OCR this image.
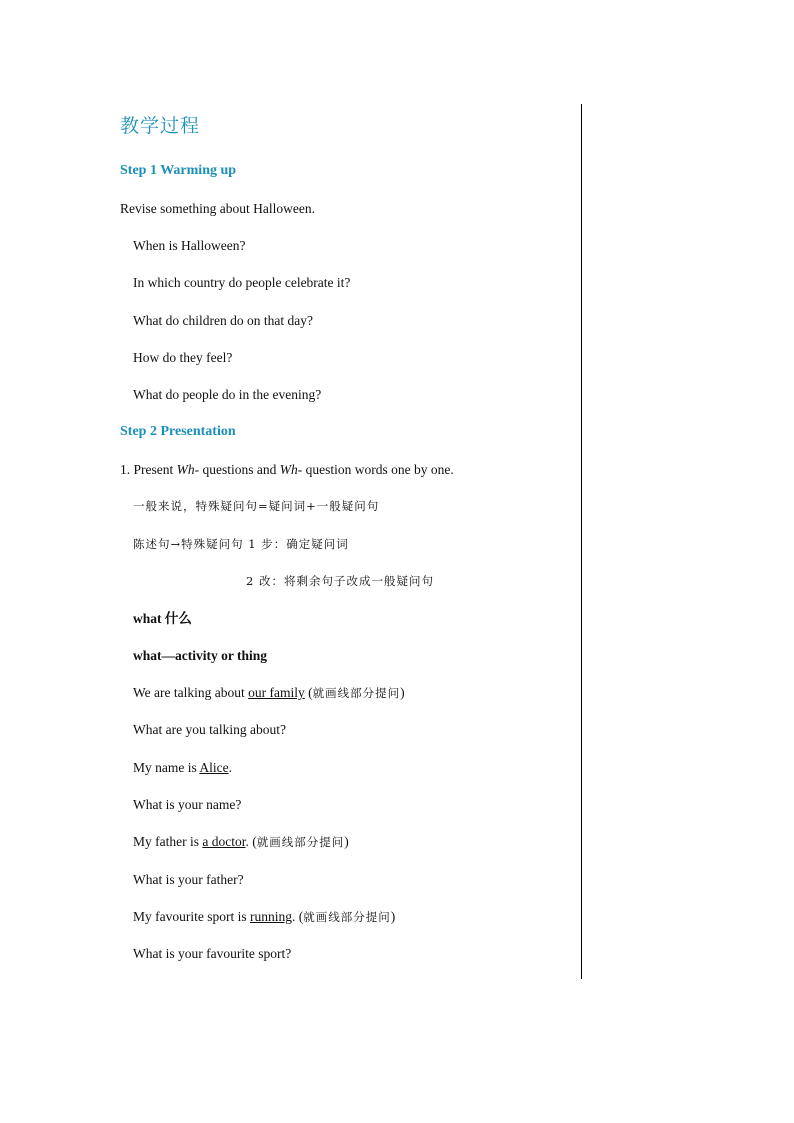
教学过程
Step 1 Warming up
Revise something about Halloween.
When is Halloween?
In which country do people celebrate it?
What do children do on that day?
How do they feel?
What do people do in the evening?
Step 2 Presentation
1. Present Wh- questions and Wh- question words one by one.
一般来说，特殊疑问句=疑问词+一般疑问句
陈述句→特殊疑问句 1 步：确定疑问词
2 改：将剩余句子改成一般疑问句
what 什么
what—activity or thing
We are talking about our family (就画线部分提问)
What are you talking about?
My name is Alice.
What is your name?
My father is a doctor. (就画线部分提问)
What is your father?
My favourite sport is running. (就画线部分提问)
What is your favourite sport?
